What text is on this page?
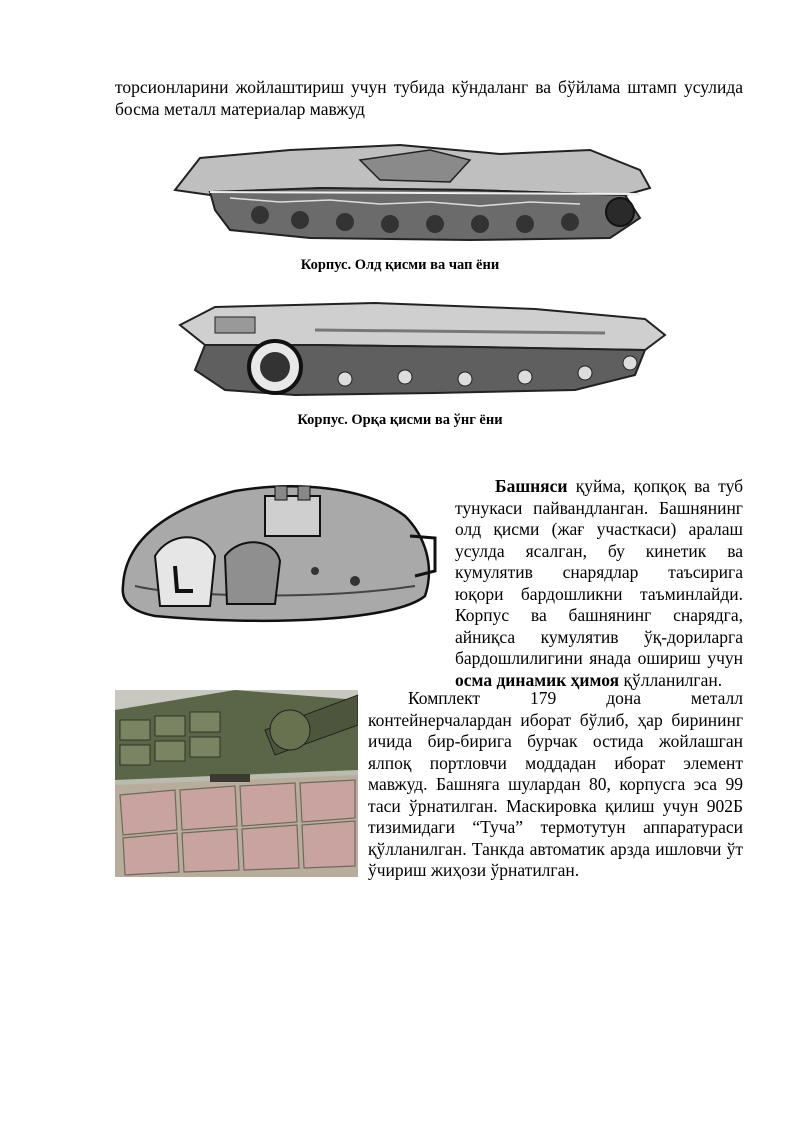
торсионларини жойлаштириш учун тубида кўндаланг ва бўйлама штамп усулида босма металл материалар мавжуд

Корпус. Олд қисми ва чап ёни

Корпус. Орқа қисми ва ўнг ёни

Башняси қуйма, қопқоқ ва туб тунукаси пайвандланган. Башнянинг олд қисми (жағ участкаси) аралаш усулда ясалган, бу кинетик ва кумулятив снарядлар таъсирига юқори бардошликни таъминлайди. Корпус ва башнянинг снарядга, айниқса кумулятив ўқ-дориларга бардошлилигини янада ошириш учун осма динамик ҳимоя қўлланилган.

Комплект 179 дона металл контейнерчалардан иборат бўлиб, ҳар бирининг ичида бир-бирига бурчак остида жойлашган ялпоқ портловчи моддадан иборат элемент мавжуд. Башняга шулардан 80, корпусга эса 99 таси ўрнатилган. Маскировка қилиш учун 902Б тизимидаги “Туча” термотутун аппаратураси қўлланилган. Танкда автоматик арзда ишловчи ўт ўчириш жиҳози ўрнатилган.
